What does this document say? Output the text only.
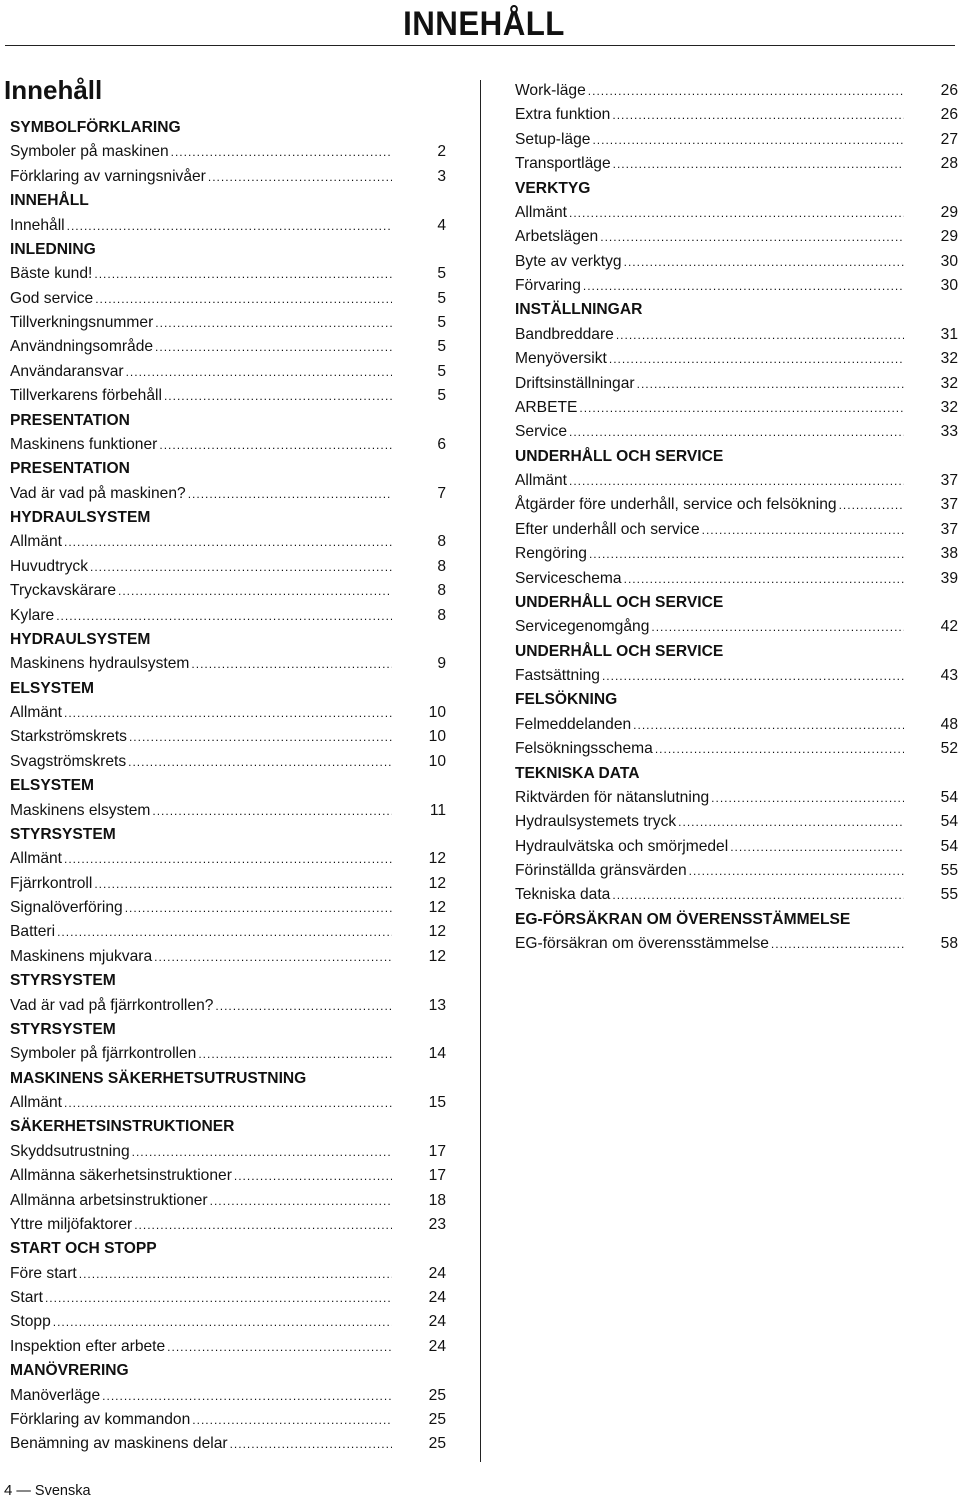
INNEHÅLL
Innehåll
SYMBOLFÖRKLARING
Symboler på maskinen .....	2
Förklaring av varningsnivåer .....	3
INNEHÅLL
Innehåll .....	4
INLEDNING
Bäste kund! .....	5
God service .....	5
Tillverkningsnummer .....	5
Användningsområde .....	5
Användaransvar .....	5
Tillverkarens förbehåll .....	5
PRESENTATION
Maskinens funktioner .....	6
PRESENTATION
Vad är vad på maskinen? .....	7
HYDRAULSYSTEM
Allmänt .....	8
Huvudtryck .....	8
Tryckavskärare .....	8
Kylare .....	8
HYDRAULSYSTEM
Maskinens hydraulsystem .....	9
ELSYSTEM
Allmänt .....	10
Starkströmskrets .....	10
Svagströmskrets .....	10
ELSYSTEM
Maskinens elsystem .....	11
STYRSYSTEM
Allmänt .....	12
Fjärrkontroll .....	12
Signalöverföring .....	12
Batteri .....	12
Maskinens mjukvara .....	12
STYRSYSTEM
Vad är vad på fjärrkontrollen? .....	13
STYRSYSTEM
Symboler på fjärrkontrollen .....	14
MASKINENS SÄKERHETSUTRUSTNING
Allmänt .....	15
SÄKERHETSINSTRUKTIONER
Skyddsutrustning .....	17
Allmänna säkerhetsinstruktioner .....	17
Allmänna arbetsinstruktioner .....	18
Yttre miljöfaktorer .....	23
START OCH STOPP
Före start .....	24
Start .....	24
Stopp .....	24
Inspektion efter arbete .....	24
MANÖVRERING
Manöverläge .....	25
Förklaring av kommandon .....	25
Benämning av maskinens delar .....	25
Work-läge .....	26
Extra funktion .....	26
Setup-läge .....	27
Transportläge .....	28
VERKTYG
Allmänt .....	29
Arbetslägen .....	29
Byte av verktyg .....	30
Förvaring .....	30
INSTÄLLNINGAR
Bandbreddare .....	31
Menyöversikt .....	32
Driftsinställningar .....	32
ARBETE .....	32
Service .....	33
UNDERHÅLL OCH SERVICE
Allmänt .....	37
Åtgärder före underhåll, service och felsökning .....	37
Efter underhåll och service .....	37
Rengöring .....	38
Serviceschema .....	39
UNDERHÅLL OCH SERVICE
Servicegenomgång .....	42
UNDERHÅLL OCH SERVICE
Fastsättning .....	43
FELSÖKNING
Felmeddelanden .....	48
Felsökningsschema .....	52
TEKNISKA DATA
Riktvärden för nätanslutning .....	54
Hydraulsystemets tryck .....	54
Hydraulvätska och smörjmedel .....	54
Förinställda gränsvärden .....	55
Tekniska data .....	55
EG-FÖRSÄKRAN OM ÖVERENSSTÄMMELSE
EG-försäkran om överensstämmelse .....	58
4 — Svenska
